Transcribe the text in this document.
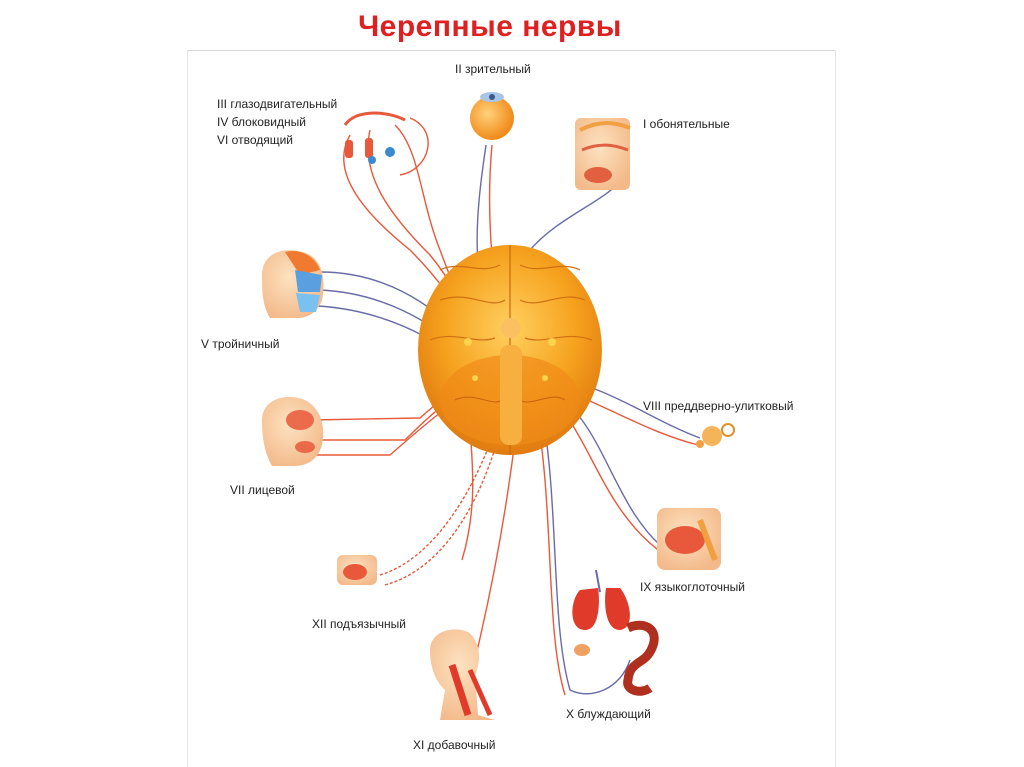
Черепные нервы
II зрительный
III глазодвигательный
IV блоковидный
VI отводящий
I обонятельные
V тройничный
VIII преддверно-улитковый
VII лицевой
IX языкоглоточный
XII подъязычный
X блуждающий
XI добавочный
